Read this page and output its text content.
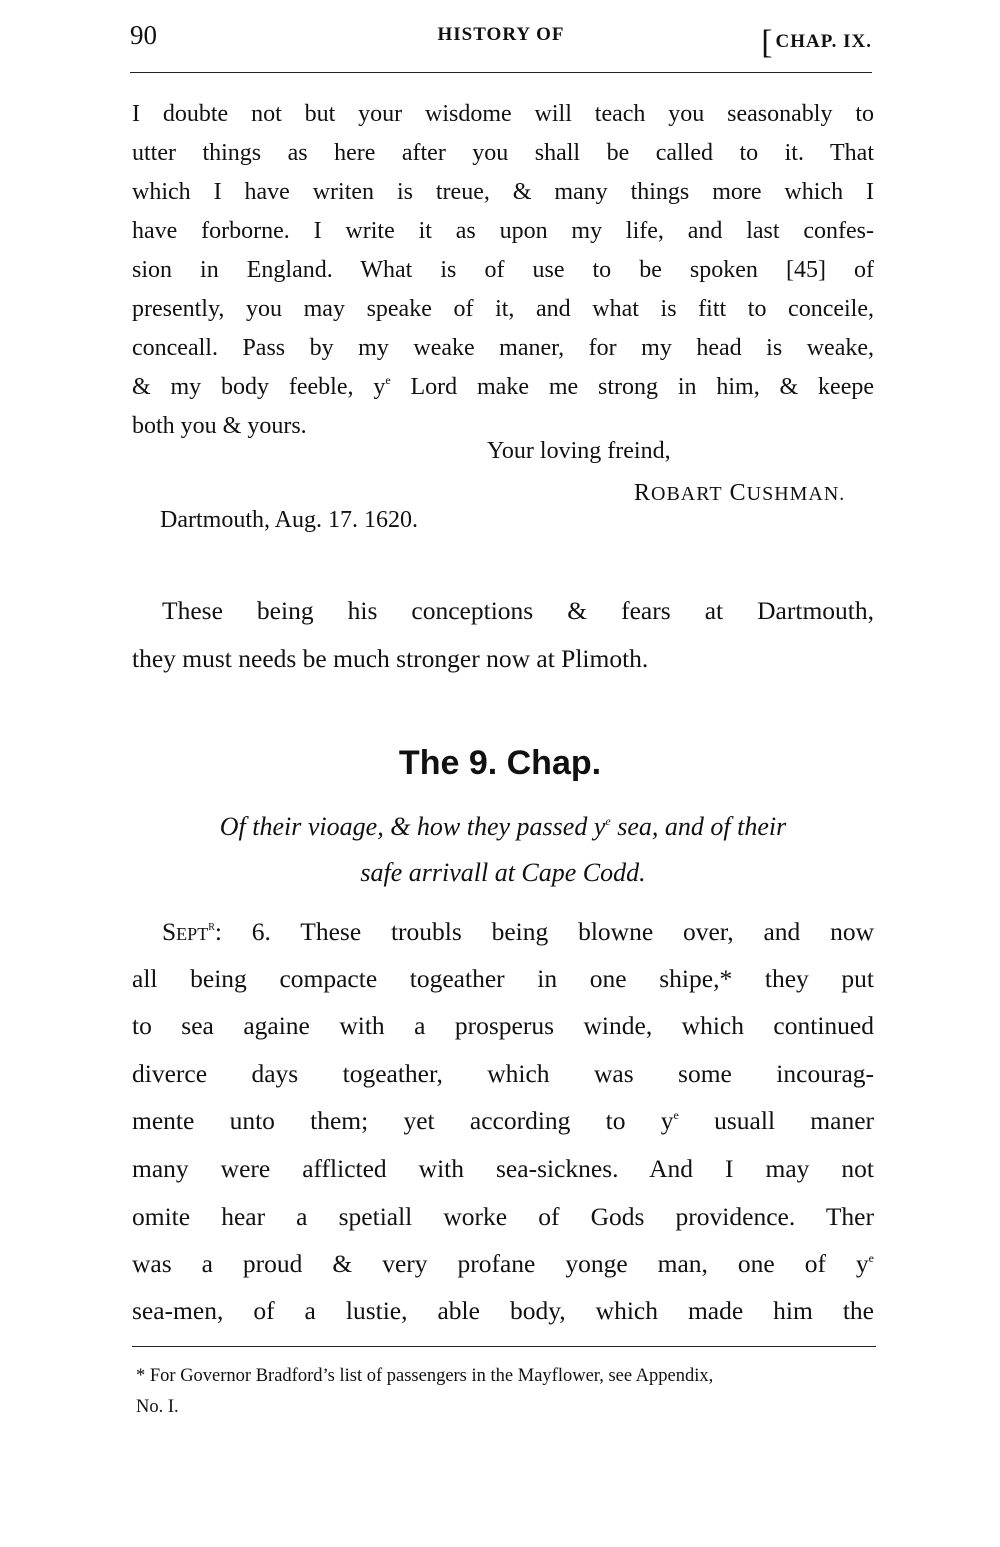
90	HISTORY OF	[ CHAP. IX.
I doubte not but your wisdome will teach you seasonably to
utter things as here after you shall be called to it. That
which I have writen is treue, & many things more which I
have forborne. I write it as upon my life, and last confes-
sion in England. What is of use to be spoken [45] of
presently, you may speake of it, and what is fitt to conceile,
conceall. Pass by my weake maner, for my head is weake,
& my body feeble, $y^e$ Lord make me strong in him, & keepe
both you & yours.
Your loving freind,
ROBART CUSHMAN.
Dartmouth, Aug. 17. 1620.
These being his conceptions & fears at Dartmouth,
they must needs be much stronger now at Plimoth.
The 9. Chap.
Of their vioage, & how they passed $y^e$ sea, and of their
safe arrivall at Cape Codd.
Sept$^R$: 6. These troubls being blowne over, and now
all being compacte togeather in one shipe,* they put
to sea againe with a prosperus winde, which continued
diverce days togeather, which was some incourag-
mente unto them; yet according to $y^e$ usuall maner
many were afflicted with sea-sicknes. And I may not
omite hear a spetiall worke of Gods providence. Ther
was a proud & very profane yonge man, one of $y^e$
sea-men, of a lustie, able body, which made him the
* For Governor Bradford’s list of passengers in the Mayflower, see Appendix,
No. I.
